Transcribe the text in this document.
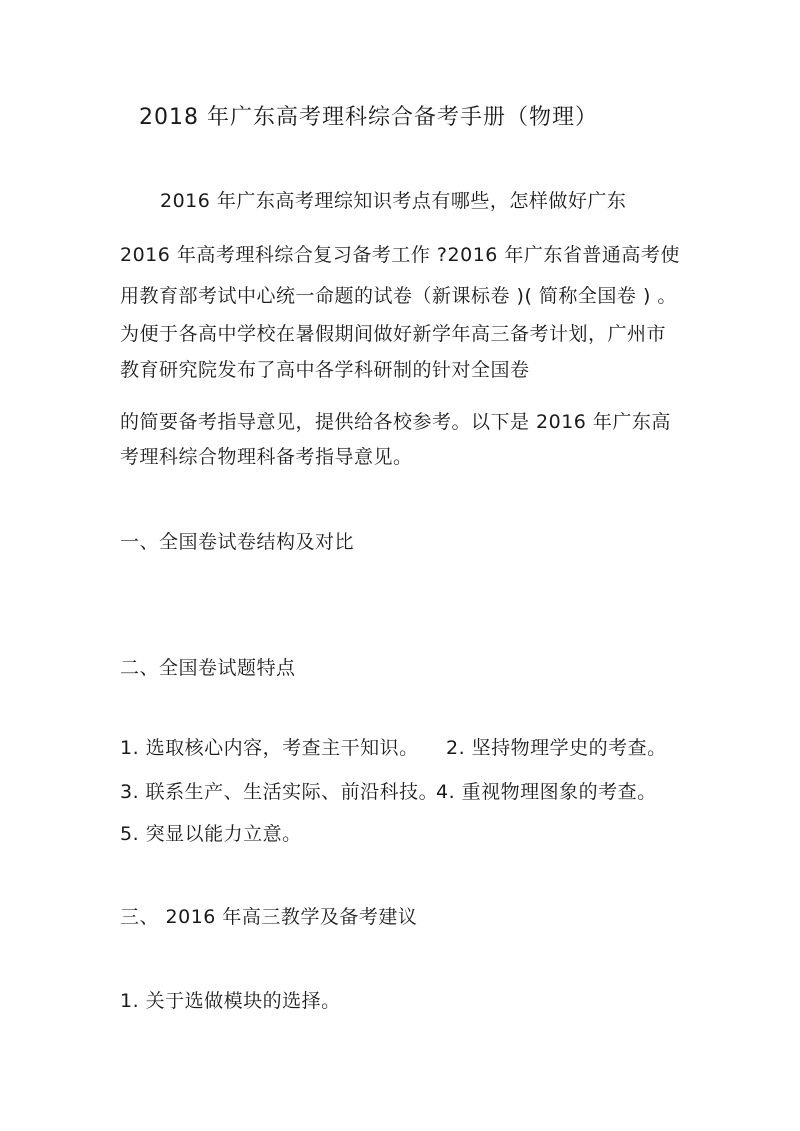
2018 年广东高考理科综合备考手册（物理）
2016 年广东高考理综知识考点有哪些，怎样做好广东
2016 年高考理科综合复习备考工作 ?2016 年广东省普通高考使
用教育部考试中心统一命题的试卷（新课标卷 )( 简称全国卷 ) 。
为便于各高中学校在暑假期间做好新学年高三备考计划，广州市
教育研究院发布了高中各学科研制的针对全国卷
的简要备考指导意见，提供给各校参考。以下是 2016 年广东高
考理科综合物理科备考指导意见。
一、全国卷试卷结构及对比
二、全国卷试题特点
1. 选取核心内容，考查主干知识。 2. 坚持物理学史的考查。
3. 联系生产、生活实际、前沿科技。
4. 重视物理图象的考查。
5. 突显以能力立意。
三、 2016 年高三教学及备考建议
1. 关于选做模块的选择。
